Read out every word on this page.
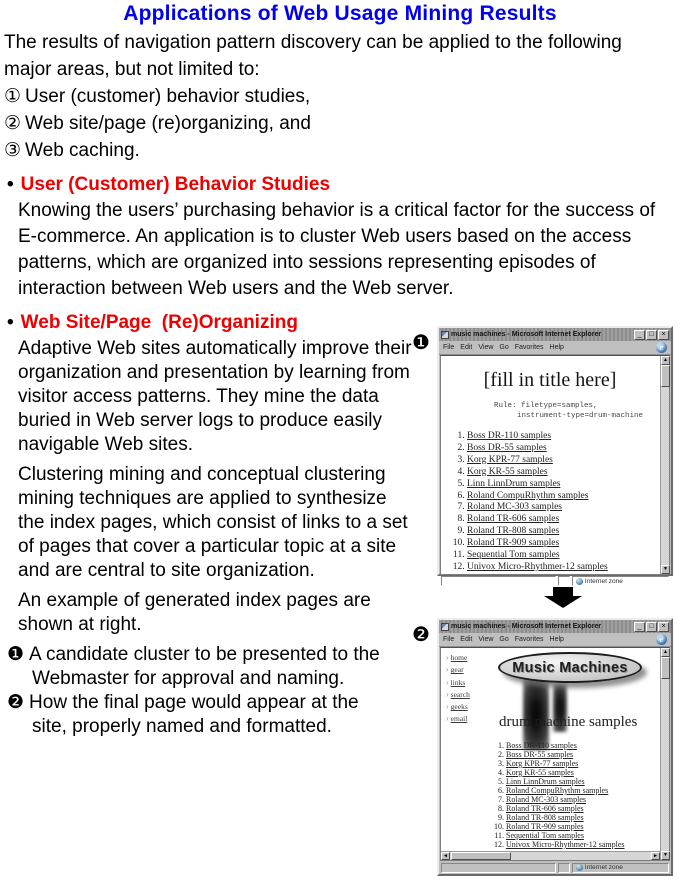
Applications of Web Usage Mining Results
The results of navigation pattern discovery can be applied to the following major areas, but not limited to:
① User (customer) behavior studies,
② Web site/page (re)organizing, and
③ Web caching.
• User (Customer) Behavior Studies
Knowing the users’ purchasing behavior is a critical factor for the success of E-commerce. An application is to cluster Web users based on the access patterns, which are organized into sessions representing episodes of interaction between Web users and the Web server.
• Web Site/Page  (Re)Organizing

Adaptive Web sites automatically improve their organization and presentation by learning from visitor access patterns. They mine the data buried in Web server logs to produce easily navigable Web sites.

Clustering mining and conceptual clustering mining techniques are applied to synthesize the index pages, which consist of links to a set of pages that cover a particular topic at a site and are central to site organization.

An example of generated index pages are shown at right.

❶ A candidate cluster to be presented to the Webmaster for approval and naming.
❷ How the final page would appear at the site, properly named and formatted.
❶
❷
music machines - Microsoft Internet Explorer	_	□	×
File Edit View Go Favorites Help	e
[fill in title here]
Rule: filetype=samples,
instrument-type=drum-machine
1. Boss DR-110 samples
2. Boss DR-55 samples
3. Korg KPR-77 samples
4. Korg KR-55 samples
5. Linn LinnDrum samples
6. Roland CompuRhythm samples
7. Roland MC-303 samples
8. Roland TR-606 samples
9. Roland TR-808 samples
10. Roland TR-909 samples
11. Sequential Tom samples
12. Univox Micro-Rhythmer-12 samples
▲
▼
Internet zone
music machines - Microsoft Internet Explorer	_	□	×
File Edit View Go Favorites Help	e
› home
› gear
› links
› search
› geeks
› email
Music Machines
drum machine samples
1. Boss DR-110 samples
2. Boss DR-55 samples
3. Korg KPR-77 samples
4. Korg KR-55 samples
5. Linn LinnDrum samples
6. Roland CompuRhythm samples
7. Roland MC-303 samples
8. Roland TR-606 samples
9. Roland TR-808 samples
10. Roland TR-909 samples
11. Sequential Tom samples
12. Univox Micro-Rhythmer-12 samples
◄	►
▲
▼
Internet zone
